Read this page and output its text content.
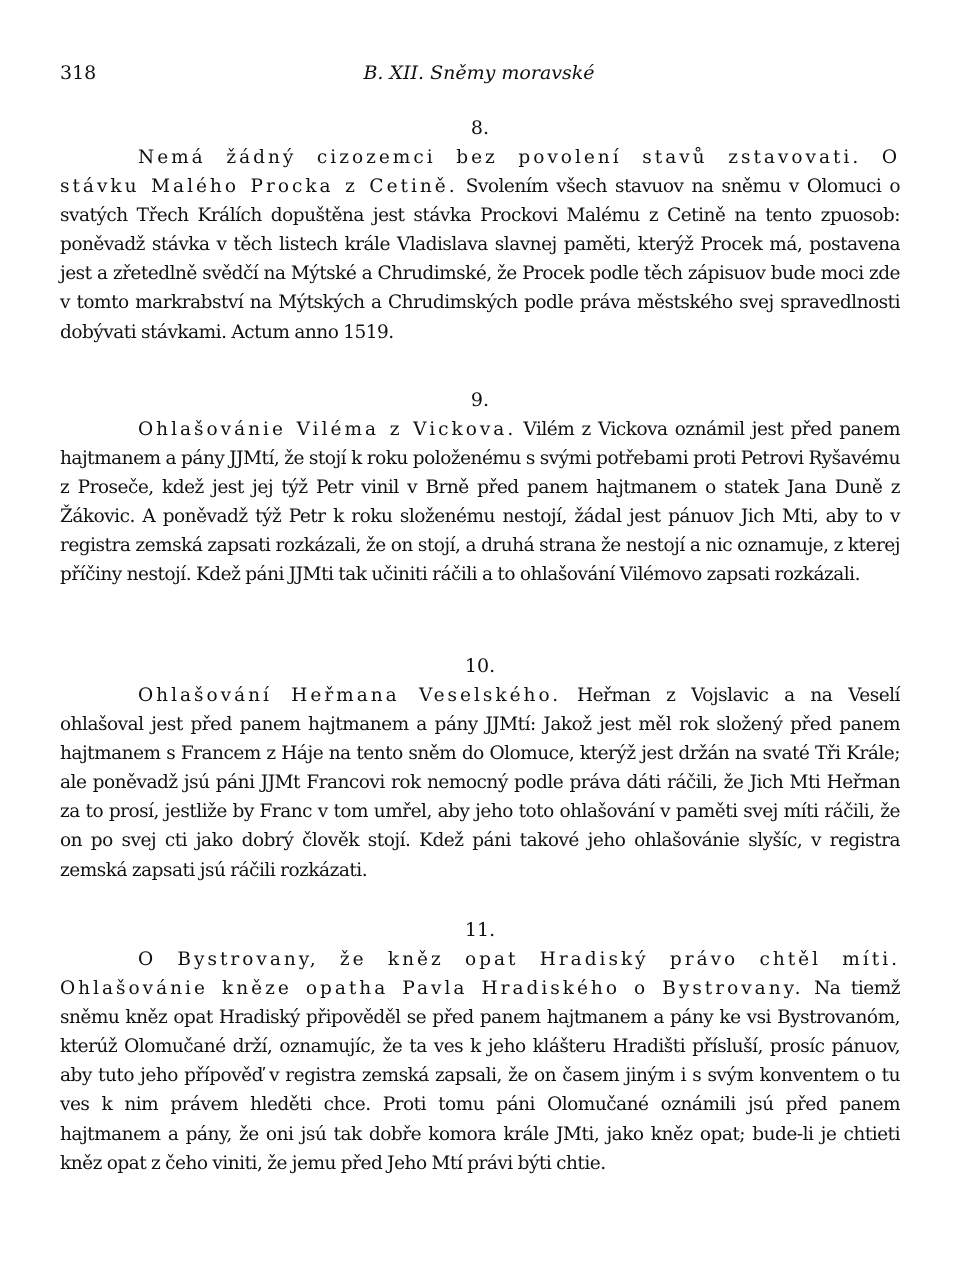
318	B. XII. Sněmy moravské
8.

Nemá žádný cizozemci bez povolení stavů zstavovati. O stávku Malého Procka z Cetině. Svolením všech stavuov na sněmu v Olomuci o svatých Třech Králích dopuštěna jest stávka Prockovi Malému z Cetině na tento zpuosob: poněvadž stávka v těch listech krále Vladislava slavnej paměti, kterýž Procek má, postavena jest a zřetedlně svědčí na Mýtské a Chrudimské, že Procek podle těch zápisuov bude moci zde v tomto markrabství na Mýtských a Chrudimských podle práva městského svej spravedlnosti dobývati stávkami. Actum anno 1519.

9.

Ohlašovánie Viléma z Vickova. Vilém z Vickova oznámil jest před panem hajtmanem a pány JJMtí, že stojí k roku položenému s svými potřebami proti Petrovi Ryšavému z Proseče, kdež jest jej týž Petr vinil v Brně před panem hajtmanem o statek Jana Duně z Žákovic. A poněvadž týž Petr k roku složenému nestojí, žádal jest pánuov Jich Mti, aby to v registra zemská zapsati rozkázali, že on stojí, a druhá strana že nestojí a nic oznamuje, z kterej příčiny nestojí. Kdež páni JJMti tak učiniti ráčili a to ohlašování Vilémovo zapsati rozkázali.

10.

Ohlašování Heřmana Veselského. Heřman z Vojslavic a na Veselí ohlašoval jest před panem hajtmanem a pány JJMtí: Jakož jest měl rok složený před panem hajtmanem s Francem z Háje na tento sněm do Olomuce, kterýž jest držán na svaté Tři Krále; ale poněvadž jsú páni JJMt Francovi rok nemocný podle práva dáti ráčili, že Jich Mti Heřman za to prosí, jestliže by Franc v tom umřel, aby jeho toto ohlašování v paměti svej míti ráčili, že on po svej cti jako dobrý člověk stojí. Kdež páni takové jeho ohlašovánie slyšíc, v registra zemská zapsati jsú ráčili rozkázati.

11.

O Bystrovany, že kněz opat Hradiský právo chtěl míti. Ohlašovánie kněze opatha Pavla Hradiského o Bystrovany. Na tiemž sněmu kněz opat Hradiský připověděl se před panem hajtmanem a pány ke vsi Bystrovanóm, kterúž Olomučané drží, oznamujíc, že ta ves k jeho klášteru Hradišti přísluší, prosíc pánuov, aby tuto jeho přípověď v registra zemská zapsali, že on časem jiným i s svým konventem o tu ves k nim právem hleděti chce. Proti tomu páni Olomučané oznámili jsú před panem hajtmanem a pány, že oni jsú tak dobře komora krále JMti, jako kněz opat; bude-li je chtieti kněz opat z čeho viniti, že jemu před Jeho Mtí právi býti chtie.
